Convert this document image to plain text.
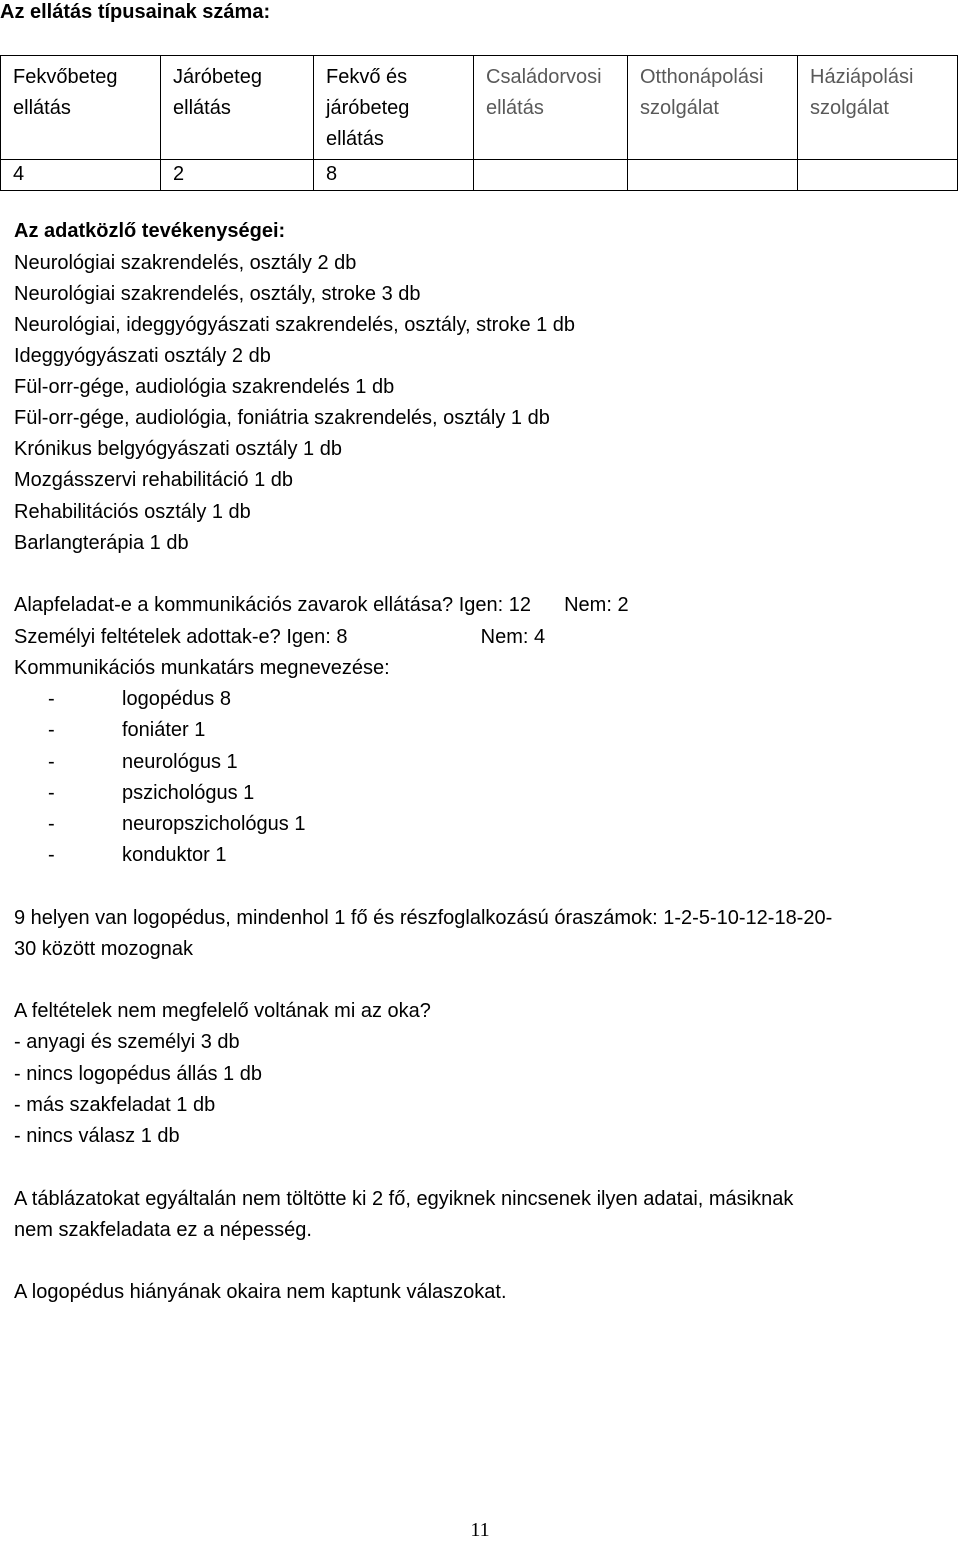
Az ellátás típusainak száma:
Fekvőbeteg ellátás	Járóbeteg ellátás	Fekvő és járóbeteg ellátás	Családorvosi ellátás	Otthonápolási szolgálat	Háziápolási szolgálat
4	2	8			
Az adatközlő tevékenységei:
Neurológiai szakrendelés, osztály 2 db
Neurológiai szakrendelés, osztály, stroke 3 db
Neurológiai, ideggyógyászati szakrendelés, osztály, stroke 1 db
Ideggyógyászati osztály 2 db
Fül-orr-gége, audiológia szakrendelés 1 db
Fül-orr-gége, audiológia, foniátria szakrendelés, osztály 1 db
Krónikus belgyógyászati osztály 1 db
Mozgásszervi rehabilitáció 1 db
Rehabilitációs osztály 1 db
Barlangterápia 1 db
Alapfeladat-e a kommunikációs zavarok ellátása? Igen: 12 Nem: 2
Személyi feltételek adottak-e? Igen: 8	Nem: 4
Kommunikációs munkatárs megnevezése:
-	logopédus 8
-	foniáter 1
-	neurológus 1
-	pszichológus 1
-	neuropszichológus 1
-	konduktor 1
9 helyen van logopédus, mindenhol 1 fő és részfoglalkozású óraszámok: 1-2-5-10-12-18-20-
30 között mozognak
A feltételek nem megfelelő voltának mi az oka?
- anyagi és személyi 3 db
- nincs logopédus állás 1 db
- más szakfeladat 1 db
- nincs válasz 1 db
A táblázatokat egyáltalán nem töltötte ki 2 fő, egyiknek nincsenek ilyen adatai, másiknak
nem szakfeladata ez a népesség.
A logopédus hiányának okaira nem kaptunk válaszokat.
11
